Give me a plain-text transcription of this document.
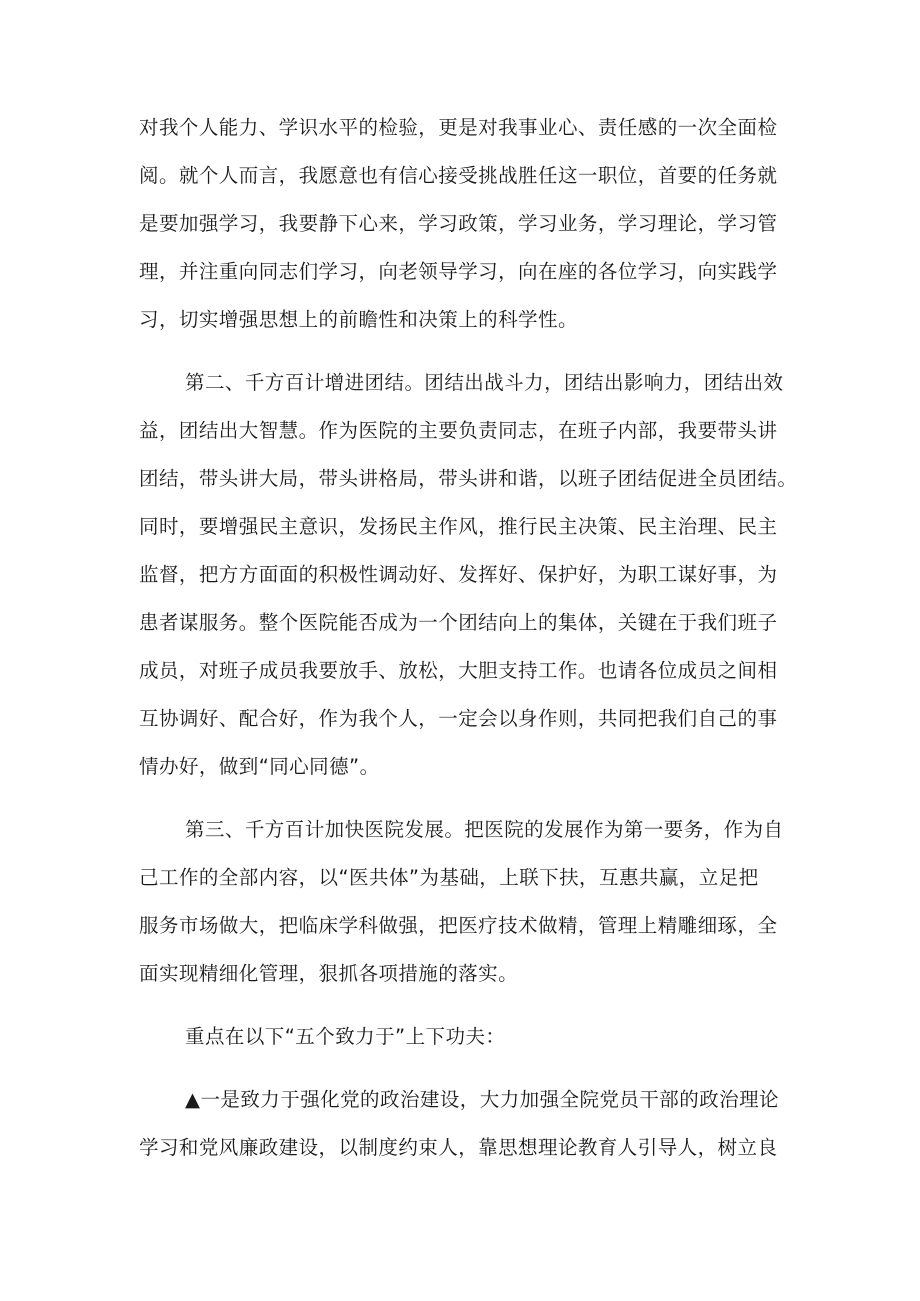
对我个人能力、学识水平的检验，更是对我事业心、责任感的一次全面检
阅。就个人而言，我愿意也有信心接受挑战胜任这一职位，首要的任务就
是要加强学习，我要静下心来，学习政策，学习业务，学习理论，学习管
理，并注重向同志们学习，向老领导学习，向在座的各位学习，向实践学
习，切实增强思想上的前瞻性和决策上的科学性。
第二、千方百计增进团结。团结出战斗力，团结出影响力，团结出效
益，团结出大智慧。作为医院的主要负责同志，在班子内部，我要带头讲
团结，带头讲大局，带头讲格局，带头讲和谐，以班子团结促进全员团结。
同时，要增强民主意识，发扬民主作风，推行民主决策、民主治理、民主
监督，把方方面面的积极性调动好、发挥好、保护好，为职工谋好事，为
患者谋服务。整个医院能否成为一个团结向上的集体，关键在于我们班子
成员，对班子成员我要放手、放松，大胆支持工作。也请各位成员之间相
互协调好、配合好，作为我个人，一定会以身作则，共同把我们自己的事
情办好，做到“同心同德”。
第三、千方百计加快医院发展。把医院的发展作为第一要务，作为自
己工作的全部内容，以“医共体”为基础，上联下扶，互惠共赢，立足把
服务市场做大，把临床学科做强，把医疗技术做精，管理上精雕细琢，全
面实现精细化管理，狠抓各项措施的落实。
重点在以下“五个致力于”上下功夫：
▲一是致力于强化党的政治建设，大力加强全院党员干部的政治理论
学习和党风廉政建设，以制度约束人，靠思想理论教育人引导人，树立良
